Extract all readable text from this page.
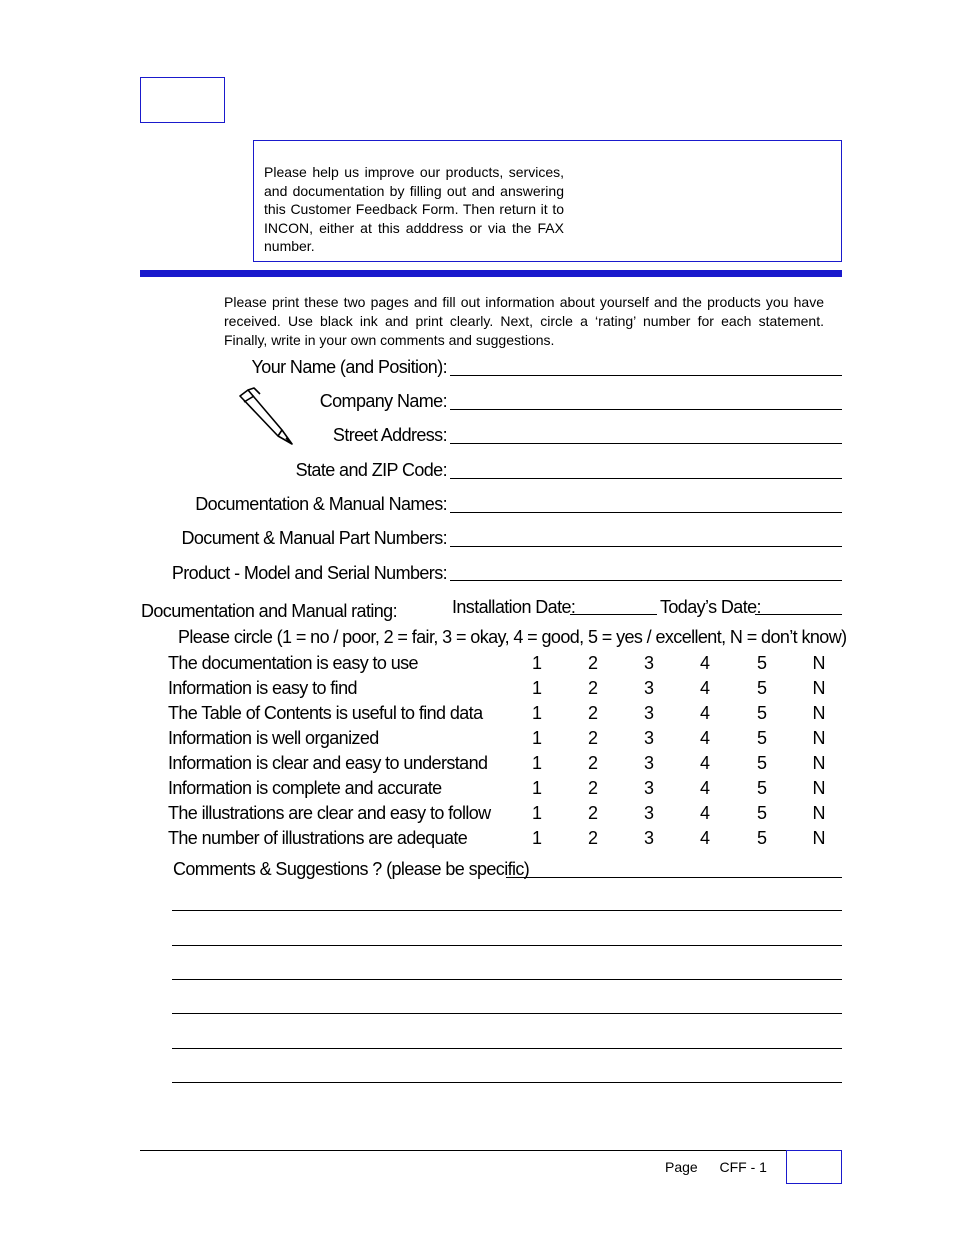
Please help us improve our products, services, and documentation by filling out and answering this Customer Feedback Form. Then return it to INCON, either at this adddress or via the FAX number.
Please print these two pages and fill out information about yourself and the products you have received. Use black ink and print clearly. Next, circle a ‘rating’ number for each statement. Finally, write in your own comments and suggestions.
Your Name (and Position):
Company Name:
Street Address:
State and ZIP Code:
Documentation & Manual Names:
Document & Manual Part Numbers:
Product - Model and Serial Numbers:
Documentation and Manual rating:	Installation Date:	Today’s Date:
Please circle (1 = no / poor, 2 = fair, 3 = okay, 4 = good, 5 = yes / excellent, N = don’t know)
The documentation is easy to use	1	2	3	4	5	N
Information is easy to find	1	2	3	4	5	N
The Table of Contents is useful to find data	1	2	3	4	5	N
Information is well organized	1	2	3	4	5	N
Information is clear and easy to understand 1	2	3	4	5	N
Information is complete and accurate	1	2	3	4	5	N
The illustrations are clear and easy to follow 1	2	3	4	5	N
The number of illustrations are adequate	1	2	3	4	5	N
Comments & Suggestions ? (please be specific)
Page CFF - 1
